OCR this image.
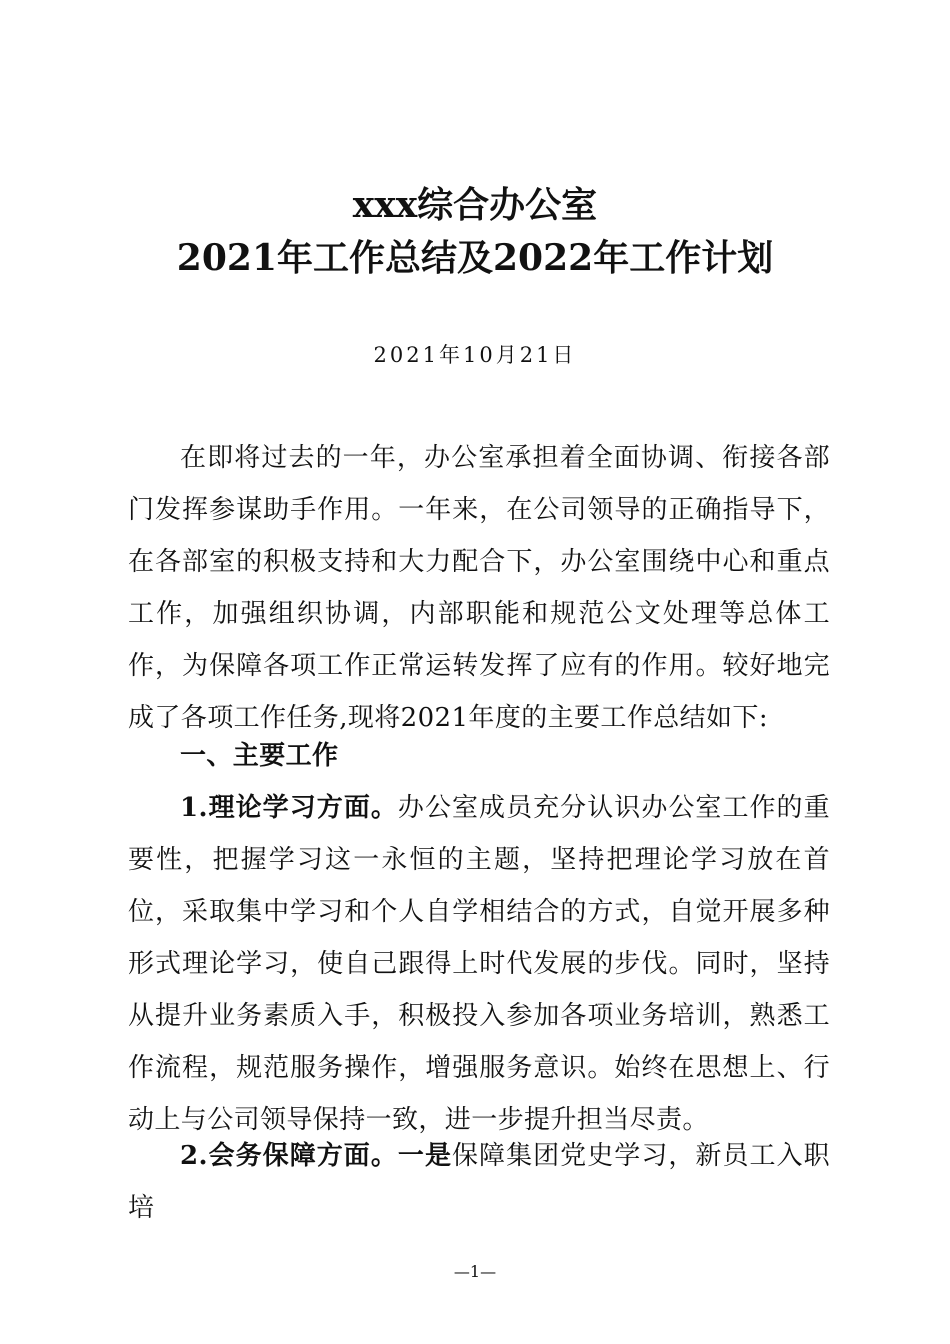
xxx综合办公室
2021年工作总结及2022年工作计划
2021年10月21日

在即将过去的一年，办公室承担着全面协调、衔接各部门发挥参谋助手作用。一年来，在公司领导的正确指导下，在各部室的积极支持和大力配合下，办公室围绕中心和重点工作，加强组织协调，内部职能和规范公文处理等总体工作，为保障各项工作正常运转发挥了应有的作用。较好地完成了各项工作任务,现将2021年度的主要工作总结如下:

一、主要工作

1.理论学习方面。办公室成员充分认识办公室工作的重要性，把握学习这一永恒的主题，坚持把理论学习放在首位，采取集中学习和个人自学相结合的方式，自觉开展多种形式理论学习，使自己跟得上时代发展的步伐。同时，坚持从提升业务素质入手，积极投入参加各项业务培训，熟悉工作流程，规范服务操作，增强服务意识。始终在思想上、行动上与公司领导保持一致，进一步提升担当尽责。

2.会务保障方面。一是保障集团党史学习，新员工入职培

—1—
